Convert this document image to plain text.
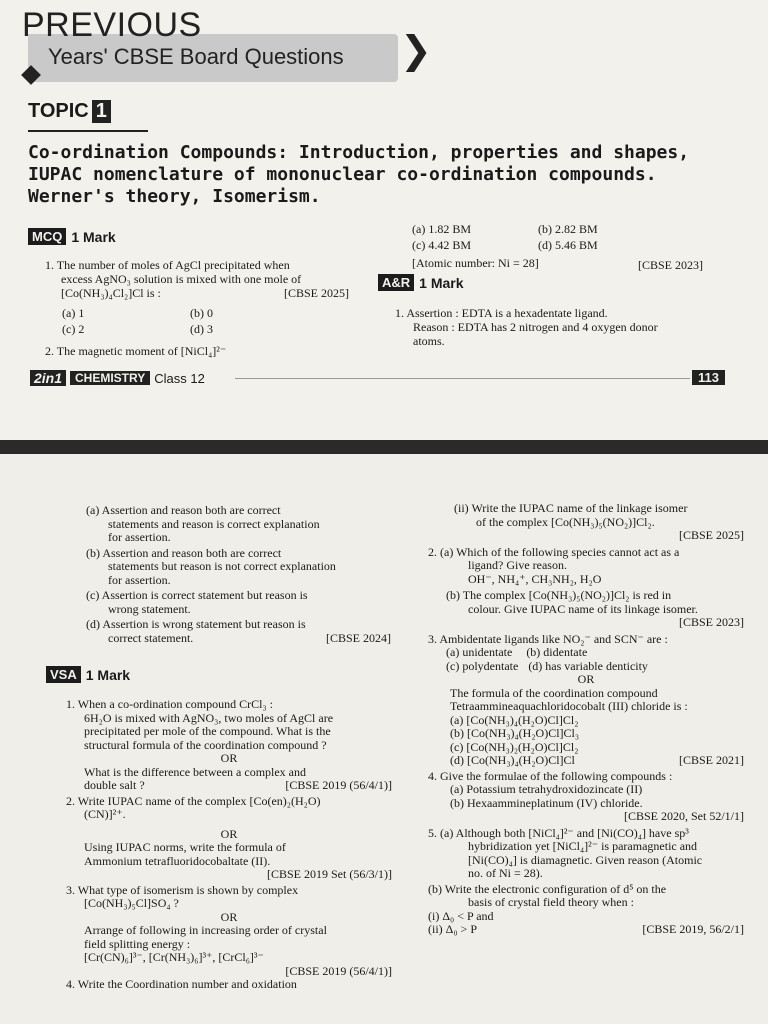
PREVIOUS
Years' CBSE Board Questions ❯
TOPIC 1
Co-ordination Compounds: Introduction, properties and shapes, IUPAC nomenclature of mononuclear co-ordination compounds. Werner's theory, Isomerism.
MCQ 1 Mark
1. The number of moles of AgCl precipitated when
excess AgNO₃ solution is mixed with one mole of
[Co(NH₃)₄Cl₂]Cl is :	[CBSE 2025]
(a) 1	(b) 0
(c) 2	(d) 3
2. The magnetic moment of [NiCl₄]²⁻
(a) 1.82 BM	(b) 2.82 BM
(c) 4.42 BM	(d) 5.46 BM
[Atomic number: Ni = 28]	[CBSE 2023]
A&R 1 Mark
1. Assertion : EDTA is a hexadentate ligand.
Reason : EDTA has 2 nitrogen and 4 oxygen donor
atoms.
2in1	CHEMISTRY Class 12	113
(a) Assertion and reason both are correct
statements and reason is correct explanation
for assertion.
(b) Assertion and reason both are correct
statements but reason is not correct explanation
for assertion.
(c) Assertion is correct statement but reason is
wrong statement.
(d) Assertion is wrong statement but reason is
correct statement.	[CBSE 2024]
VSA 1 Mark
1. When a co-ordination compound CrCl₃ :
6H₂O is mixed with AgNO₃, two moles of AgCl are
precipitated per mole of the compound. What is the
structural formula of the coordination compound ?
OR
What is the difference between a complex and
double salt ?	[CBSE 2019 (56/4/1)]
2. Write IUPAC name of the complex [Co(en)₂(H₂O)
(CN)]²⁺.
OR
Using IUPAC norms, write the formula of
Ammonium tetrafluoridocobaltate (II).
[CBSE 2019 Set (56/3/1)]
3. What type of isomerism is shown by complex
[Co(NH₃)₅Cl]SO₄ ?
OR
Arrange of following in increasing order of crystal
field splitting energy :
[Cr(CN)₆]³⁻, [Cr(NH₃)₆]³⁺, [CrCl₆]³⁻
[CBSE 2019 (56/4/1)]
4. Write the Coordination number and oxidation
(ii) Write the IUPAC name of the linkage isomer
of the complex [Co(NH₃)₅(NO₂)]Cl₂.
[CBSE 2025]
2. (a) Which of the following species cannot act as a
ligand? Give reason.
OH⁻, NH₄⁺, CH₃NH₂, H₂O
(b) The complex [Co(NH₃)₅(NO₂)]Cl₂ is red in
colour. Give IUPAC name of its linkage isomer.
[CBSE 2023]
3. Ambidentate ligands like NO₂⁻ and SCN⁻ are :
(a) unidentate (b) didentate
(c) polydentate (d) has variable denticity
OR
The formula of the coordination compound
Tetraamminеaquachloridocobalt (III) chloride is :
(a) [Co(NH₃)₄(H₂O)Cl]Cl₂
(b) [Co(NH₃)₄(H₂O)Cl]Cl₃
(c) [Co(NH₃)₂(H₂O)Cl]Cl₂
(d) [Co(NH₃)₄(H₂O)Cl]Cl	[CBSE 2021]
4. Give the formulae of the following compounds :
(a) Potassium tetrahydroxidozincate (II)
(b) Hexaammineplatinum (IV) chloride.
[CBSE 2020, Set 52/1/1]
5. (a) Although both [NiCl₄]²⁻ and [Ni(CO)₄] have sp³
hybridization yet [NiCl₄]²⁻ is paramagnetic and
[Ni(CO)₄] is diamagnetic. Given reason (Atomic
no. of Ni = 28).
(b) Write the electronic configuration of d⁵ on the
basis of crystal field theory when :
(i) Δ₀ < P and
(ii) Δ₀ > P	[CBSE 2019, 56/2/1]
